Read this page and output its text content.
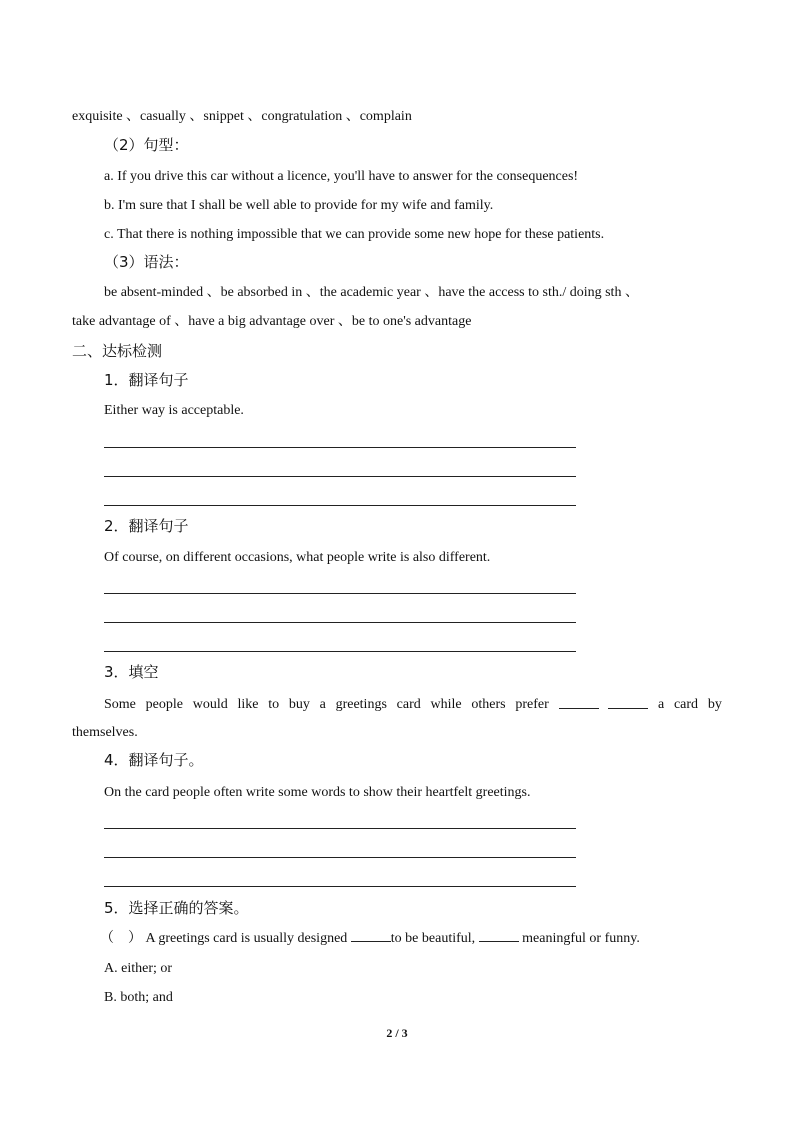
exquisite 、casually 、snippet 、congratulation 、complain
（2）句型：
a. If you drive this car without a licence, you'll have to answer for the consequences!
b. I'm sure that I shall be well able to provide for my wife and family.
c. That there is nothing impossible that we can provide some new hope for these patients.
（3）语法：
be absent-minded 、be absorbed in 、the academic year 、have the access to sth./ doing sth 、
take advantage of 、have a big advantage over 、be to one's advantage
二、达标检测
1．翻译句子
Either way is acceptable.
2．翻译句子
Of course, on different occasions, what people write is also different.
3．填空
Some people would like to buy a greetings card while others prefer	a card by
themselves.
4．翻译句子。
On the card people often write some words to show their heartfelt greetings.
5．选择正确的答案。
（　） A greetings card is usually designed	to be beautiful,	meaningful or funny.
A. either; or
B. both; and
2 / 3
